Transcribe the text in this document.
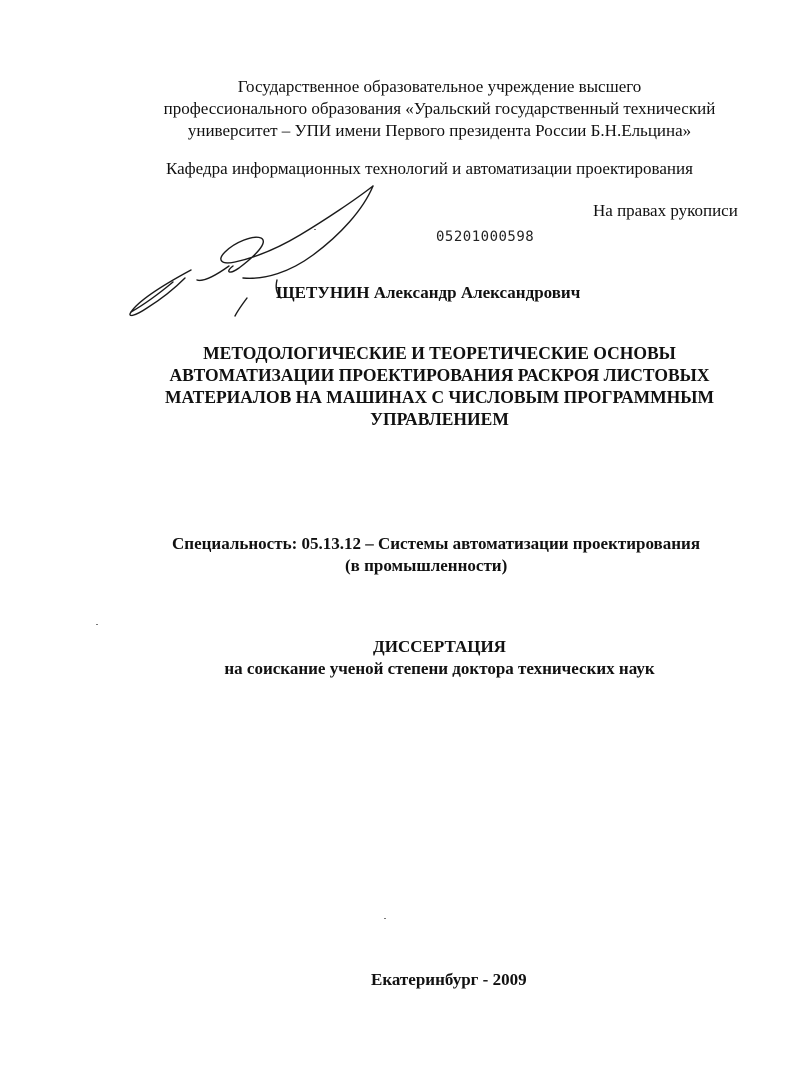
Государственное образовательное учреждение высшего
профессионального образования «Уральский государственный технический
университет – УПИ имени Первого президента России Б.Н.Ельцина»
Кафедра информационных технологий и автоматизации проектирования
На правах рукописи
05201000598
ЩЕТУНИН Александр Александрович
МЕТОДОЛОГИЧЕСКИЕ И ТЕОРЕТИЧЕСКИЕ ОСНОВЫ
АВТОМАТИЗАЦИИ ПРОЕКТИРОВАНИЯ РАСКРОЯ ЛИСТОВЫХ
МАТЕРИАЛОВ НА МАШИНАХ С ЧИСЛОВЫМ ПРОГРАММНЫМ
УПРАВЛЕНИЕМ
Специальность: 05.13.12 – Системы автоматизации проектирования
(в промышленности)
ДИССЕРТАЦИЯ
на соискание ученой степени доктора технических наук
Екатеринбург - 2009
